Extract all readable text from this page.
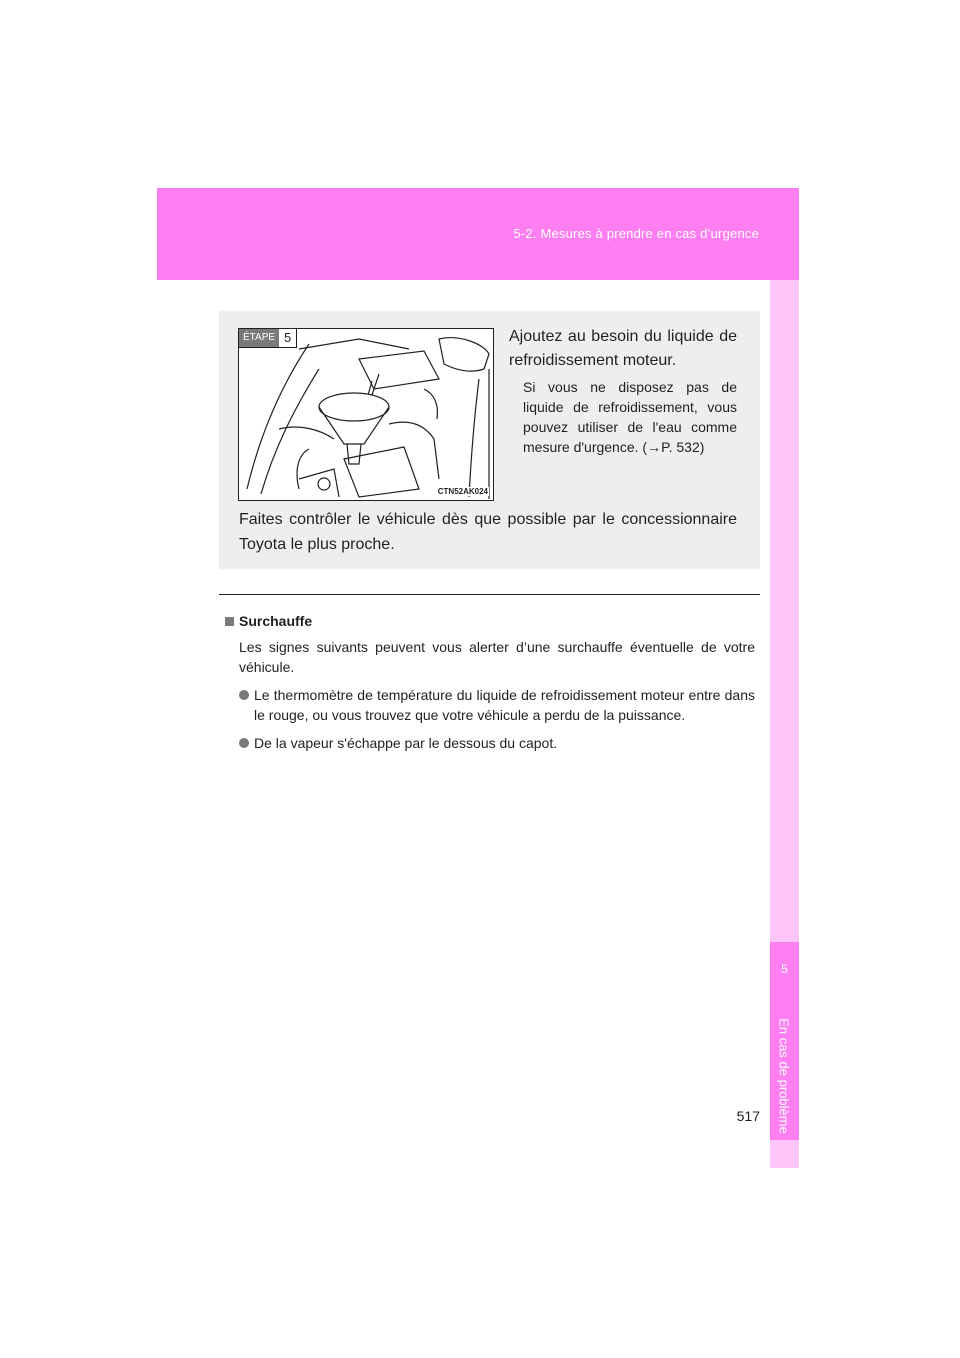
5-2. Mesures à prendre en cas d’urgence
5
En cas de problème
ÉTAPE 5
CTN52AK024
Ajoutez au besoin du liquide de refroidissement moteur.
Si vous ne disposez pas de liquide de refroidissement, vous pouvez utiliser de l'eau comme mesure d'urgence. (→P. 532)
Faites contrôler le véhicule dès que possible par le concessionnaire Toyota le plus proche.
Surchauffe
Les signes suivants peuvent vous alerter d’une surchauffe éventuelle de votre véhicule.
Le thermomètre de température du liquide de refroidissement moteur entre dans le rouge, ou vous trouvez que votre véhicule a perdu de la puissance.
De la vapeur s'échappe par le dessous du capot.
517
